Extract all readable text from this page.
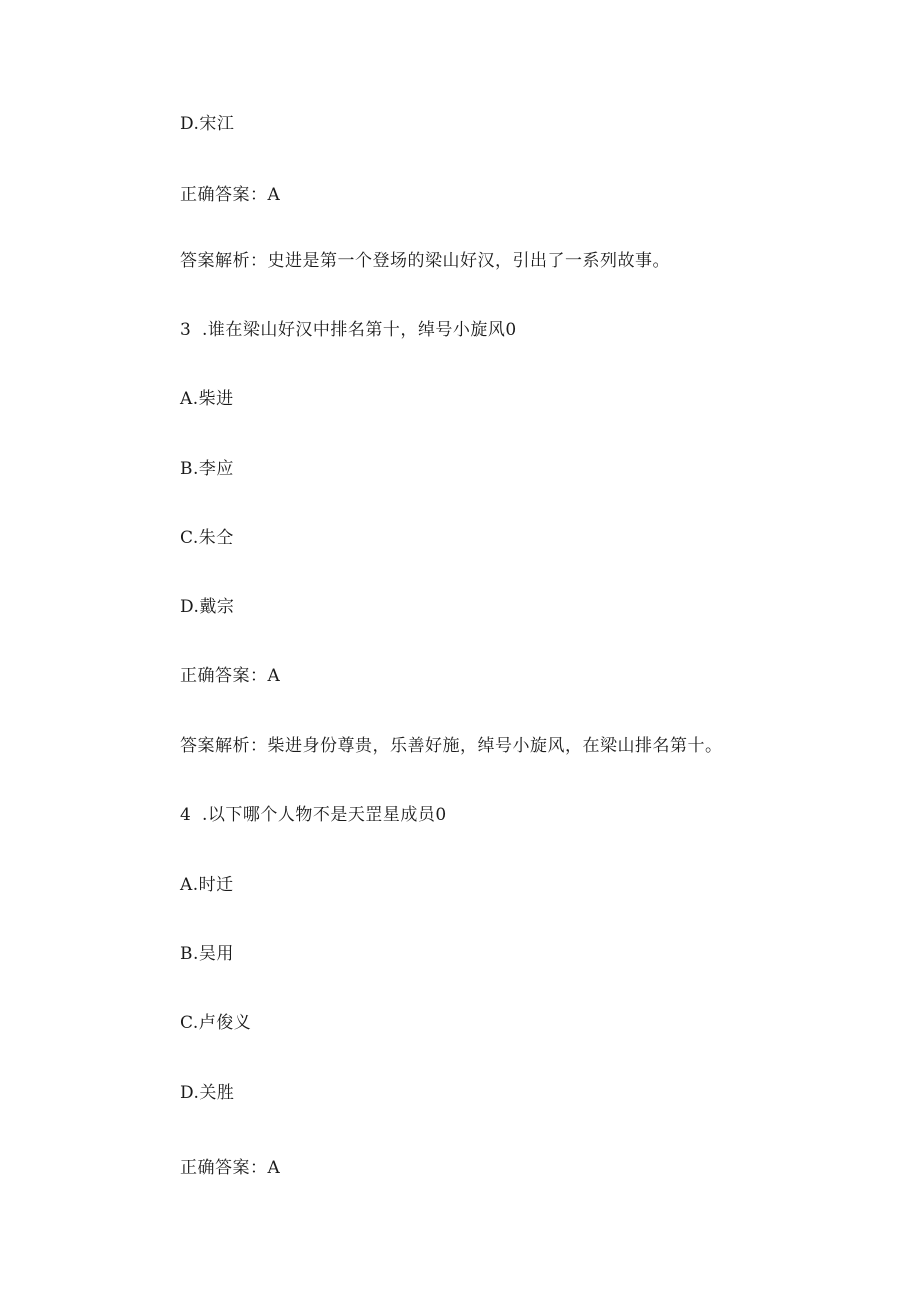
D.宋江
正确答案：A
答案解析：史进是第一个登场的梁山好汉，引出了一系列故事。
3 .谁在梁山好汉中排名第十，绰号小旋风0
A.柴进
B.李应
C.朱仝
D.戴宗
正确答案：A
答案解析：柴进身份尊贵，乐善好施，绰号小旋风，在梁山排名第十。
4 .以下哪个人物不是天罡星成员0
A.时迁
B.吴用
C.卢俊义
D.关胜
正确答案：A
